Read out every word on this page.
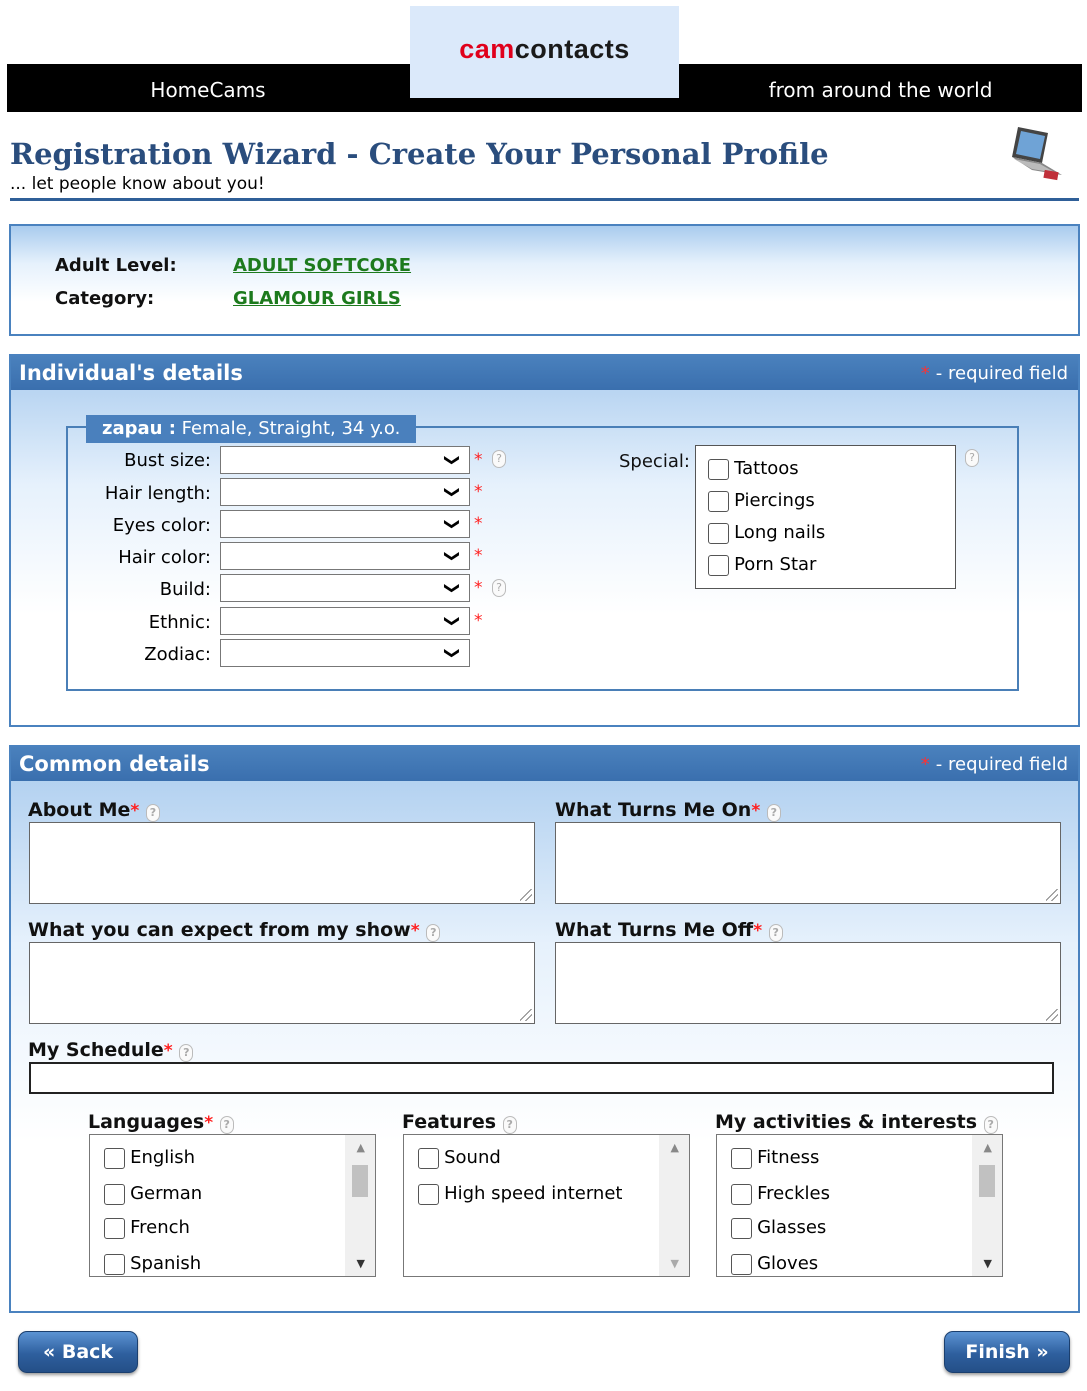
HomeCams	from around the world
camcontacts
Registration Wizard - Create Your Personal Profile
... let people know about you!
Adult Level:	ADULT SOFTCORE
Category:	GLAMOUR GIRLS
Individual's details	* - required field
zapau : Female, Straight, 34 y.o.
Bust size:	❯ *	?
Hair length:	❯ *
Eyes color:	❯ *
Hair color:	❯ *
Build:	❯ *	?
Ethnic:	❯ *
Zodiac:	❯
Special:	Tattoos
Piercings
Long nails
Porn Star
?
Common details	* - required field
About Me* ?	What Turns Me On* ?
What you can expect from my show* ?	What Turns Me Off* ?
My Schedule* ?
Languages* ?
English
German
French
Spanish
▲
▼
Features ?
Sound
High speed internet
▲
▼
My activities & interests ?
Fitness
Freckles
Glasses
Gloves
▲
▼
« Back	Finish »
